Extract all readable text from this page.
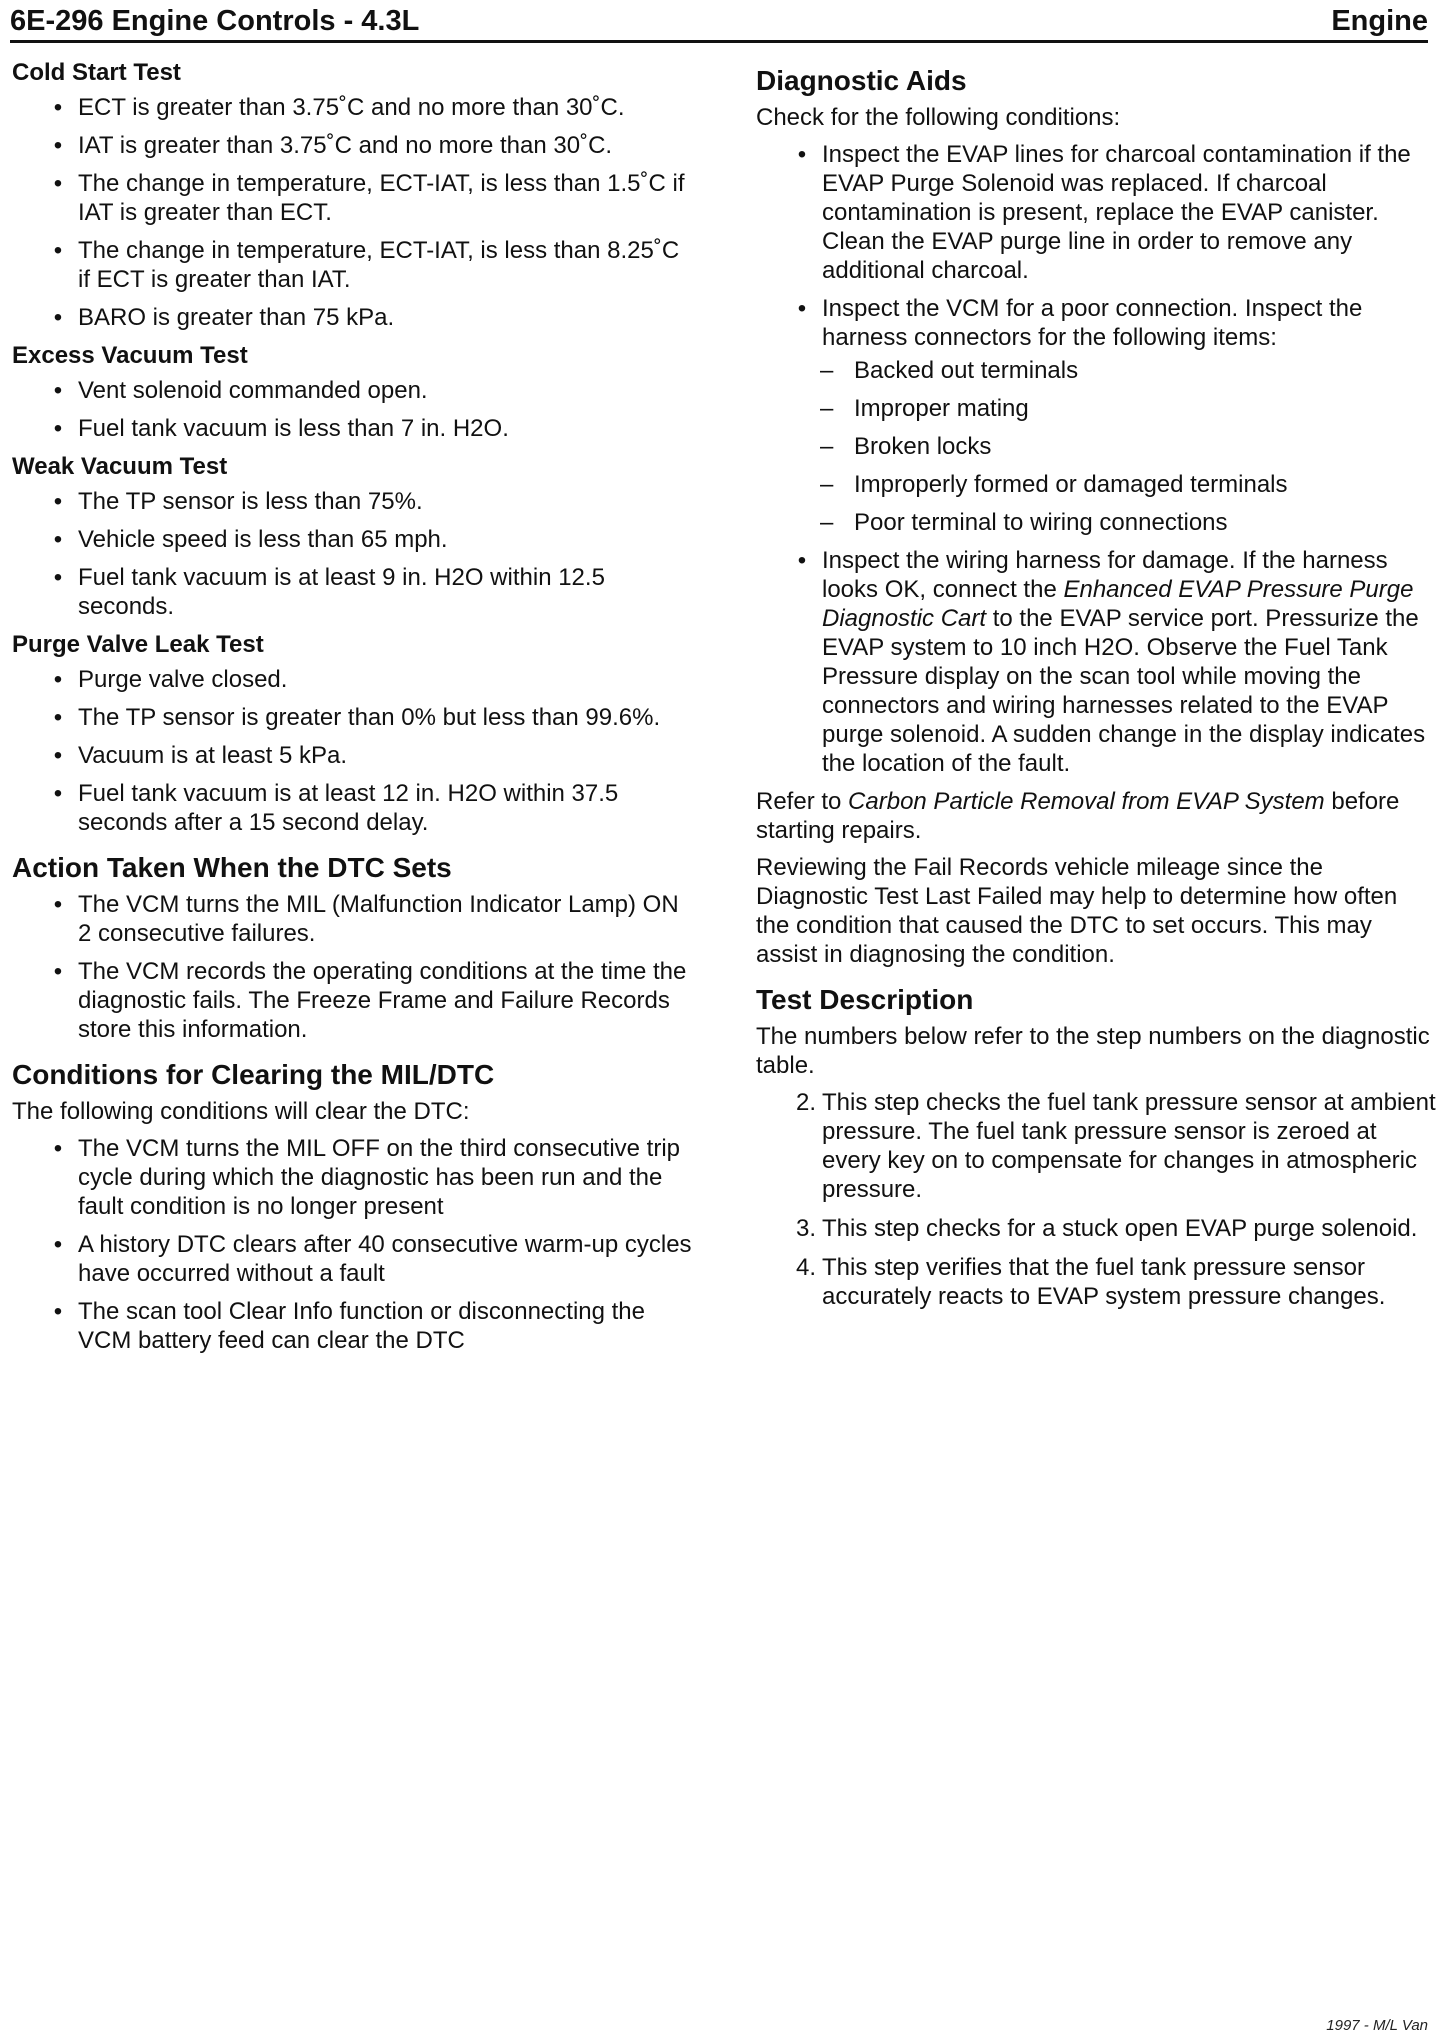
6E-296 Engine Controls - 4.3L	Engine
Cold Start Test
• ECT is greater than 3.75˚C and no more than 30˚C.
• IAT is greater than 3.75˚C and no more than 30˚C.
• The change in temperature, ECT-IAT, is less than 1.5˚C if IAT is greater than ECT.
• The change in temperature, ECT-IAT, is less than 8.25˚C if ECT is greater than IAT.
• BARO is greater than 75 kPa.
Excess Vacuum Test
• Vent solenoid commanded open.
• Fuel tank vacuum is less than 7 in. H2O.
Weak Vacuum Test
• The TP sensor is less than 75%.
• Vehicle speed is less than 65 mph.
• Fuel tank vacuum is at least 9 in. H2O within 12.5 seconds.
Purge Valve Leak Test
• Purge valve closed.
• The TP sensor is greater than 0% but less than 99.6%.
• Vacuum is at least 5 kPa.
• Fuel tank vacuum is at least 12 in. H2O within 37.5 seconds after a 15 second delay.
Action Taken When the DTC Sets
• The VCM turns the MIL (Malfunction Indicator Lamp) ON 2 consecutive failures.
• The VCM records the operating conditions at the time the diagnostic fails. The Freeze Frame and Failure Records store this information.
Conditions for Clearing the MIL/DTC
The following conditions will clear the DTC:
• The VCM turns the MIL OFF on the third consecutive trip cycle during which the diagnostic has been run and the fault condition is no longer present
• A history DTC clears after 40 consecutive warm-up cycles have occurred without a fault
• The scan tool Clear Info function or disconnecting the VCM battery feed can clear the DTC
Diagnostic Aids
Check for the following conditions:
• Inspect the EVAP lines for charcoal contamination if the EVAP Purge Solenoid was replaced. If charcoal contamination is present, replace the EVAP canister. Clean the EVAP purge line in order to remove any additional charcoal.
• Inspect the VCM for a poor connection. Inspect the harness connectors for the following items:
– Backed out terminals
– Improper mating
– Broken locks
– Improperly formed or damaged terminals
– Poor terminal to wiring connections
• Inspect the wiring harness for damage. If the harness looks OK, connect the Enhanced EVAP Pressure Purge Diagnostic Cart to the EVAP service port. Pressurize the EVAP system to 10 inch H2O. Observe the Fuel Tank Pressure display on the scan tool while moving the connectors and wiring harnesses related to the EVAP purge solenoid. A sudden change in the display indicates the location of the fault.
Refer to Carbon Particle Removal from EVAP System before starting repairs.
Reviewing the Fail Records vehicle mileage since the Diagnostic Test Last Failed may help to determine how often the condition that caused the DTC to set occurs. This may assist in diagnosing the condition.
Test Description
The numbers below refer to the step numbers on the diagnostic table.
2. This step checks the fuel tank pressure sensor at ambient pressure. The fuel tank pressure sensor is zeroed at every key on to compensate for changes in atmospheric pressure.
3. This step checks for a stuck open EVAP purge solenoid.
4. This step verifies that the fuel tank pressure sensor accurately reacts to EVAP system pressure changes.
1997 - M/L Van
